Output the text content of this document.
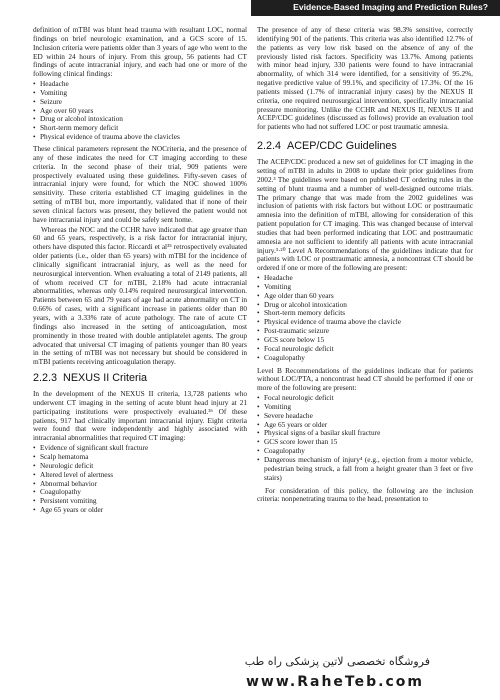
Evidence-Based Imaging and Prediction Rules?

definition of mTBI was blunt head trauma with resultant LOC, normal findings on brief neurologic examination, and a GCS score of 15. Inclusion criteria were patients older than 3 years of age who went to the ED within 24 hours of injury. From this group, 56 patients had CT findings of acute intracranial injury, and each had one or more of the following clinical findings:

• Headache
• Vomiting
• Seizure
• Age over 60 years
• Drug or alcohol intoxication
• Short-term memory deficit
• Physical evidence of trauma above the clavicles

These clinical parameters represent the NOCriteria, and the presence of any of these indicates the need for CT imaging according to these criteria. In the second phase of their trial, 909 patients were prospectively evaluated using these guidelines. Fifty-seven cases of intracranial injury were found, for which the NOC showed 100% sensitivity. These criteria established CT imaging guidelines in the setting of mTBI but, more importantly, validated that if none of their seven clinical factors was present, they believed the patient would not have intracranial injury and could be safely sent home.

Whereas the NOC and the CCHR have indicated that age greater than 60 and 65 years, respectively, is a risk factor for intracranial injury, others have disputed this factor. Riccardi et al³⁵ retrospectively evaluated older patients (i.e., older than 65 years) with mTBI for the incidence of clinically significant intracranial injury, as well as the need for neurosurgical intervention. When evaluating a total of 2149 patients, all of whom received CT for mTBI, 2.18% had acute intracranial abnormalities, whereas only 0.14% required neurosurgical intervention. Patients between 65 and 79 years of age had acute abnormality on CT in 0.66% of cases, with a significant increase in patients older than 80 years, with a 3.33% rate of acute pathology. The rate of acute CT findings also increased in the setting of anticoagulation, most prominently in those treated with double antiplatelet agents. The group advocated that universal CT imaging of patients younger than 80 years in the setting of mTBI was not necessary but should be considered in mTBI patients receiving anticoagulation therapy.

2.2.3 NEXUS II Criteria

In the development of the NEXUS II criteria, 13,728 patients who underwent CT imaging in the setting of acute blunt head injury at 21 participating institutions were prospectively evaluated.³⁶ Of these patients, 917 had clinically important intracranial injury. Eight criteria were found that were independently and highly associated with intracranial abnormalities that required CT imaging:

• Evidence of significant skull fracture
• Scalp hematoma
• Neurologic deficit
• Altered level of alertness
• Abnormal behavior
• Coagulopathy
• Persistent vomiting
• Age 65 years or older

The presence of any of these criteria was 98.3% sensitive, correctly identifying 901 of the patients. This criteria was also identified 12.7% of the patients as very low risk based on the absence of any of the previously listed risk factors. Specificity was 13.7%. Among patients with minor head injury, 330 patients were found to have intracranial abnormality, of which 314 were identified, for a sensitivity of 95.2%, negative predictive value of 99.1%, and specificity of 17.3%. Of the 16 patients missed (1.7% of intracranial injury cases) by the NEXUS II criteria, one required neurosurgical intervention, specifically intracranial pressure monitoring. Unlike the CCHR and NEXUS II, NEXUS II and ACEP/CDC guidelines (discussed as follows) provide an evaluation tool for patients who had not suffered LOC or post traumatic amnesia.

2.2.4 ACEP/CDC Guidelines

The ACEP/CDC produced a new set of guidelines for CT imaging in the setting of mTBI in adults in 2008 to update their prior guidelines from 2002.³ The guidelines were based on published CT ordering rules in the setting of blunt trauma and a number of well-designed outcome trials. The primary change that was made from the 2002 guidelines was inclusion of patients with risk factors but without LOC or posttraumatic amnesia into the definition of mTBI, allowing for consideration of this patient population for CT imaging. This was changed because of interval studies that had been performed indicating that LOC and posttraumatic amnesia are not sufficient to identify all patients with acute intracranial injury.³·²⁰ Level A Recommendations of the guidelines indicate that for patients with LOC or posttraumatic amnesia, a noncontrast CT should be ordered if one or more of the following are present:

• Headache
• Vomiting
• Age older than 60 years
• Drug or alcohol intoxication
• Short-term memory deficits
• Physical evidence of trauma above the clavicle
• Post-traumatic seizure
• GCS score below 15
• Focal neurologic deficit
• Coagulopathy

Level B Recommendations of the guidelines indicate that for patients without LOC/PTA, a noncontrast head CT should be performed if one or more of the following are present:

• Focal neurologic deficit
• Vomiting
• Severe headache
• Age 65 years or older
• Physical signs of a basilar skull fracture
• GCS score lower than 15
• Coagulopathy
• Dangerous mechanism of injury⁴ (e.g., ejection from a motor vehicle, pedestrian being struck, a fall from a height greater than 3 feet or five stairs)

For consideration of this policy, the following are the inclusion criteria: nonpenetrating trauma to the head, presentation to

فروشگاه تخصصی لاتین پزشکی راه طب
www.RaheTeb.com
